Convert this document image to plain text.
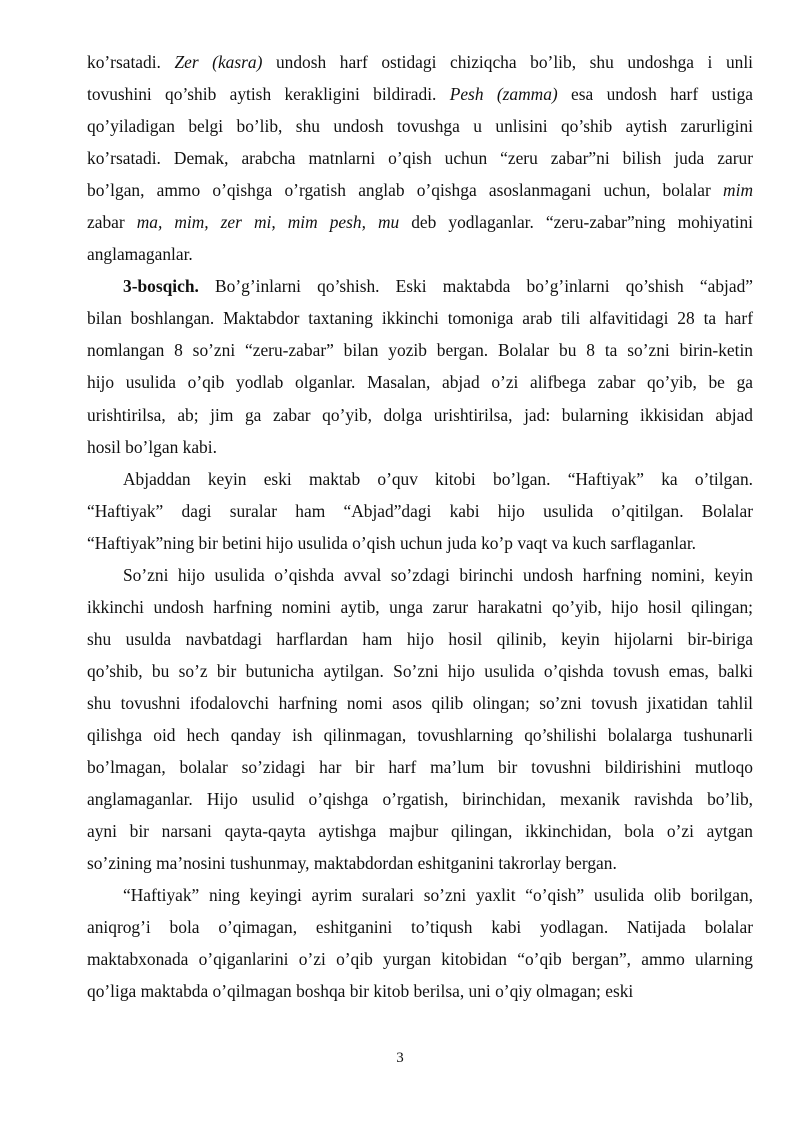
ko’rsatadi. Zer (kasra) undosh harf ostidagi chiziqcha bo’lib, shu undoshga i unli
tovushini qo’shib aytish kerakligini bildiradi. Pesh (zamma) esa undosh harf ustiga
qo’yiladigan belgi bo’lib, shu undosh tovushga u unlisini qo’shib aytish zarurligini
ko’rsatadi. Demak, arabcha matnlarni o’qish uchun “zeru zabar”ni bilish juda zarur
bo’lgan, ammo o’qishga o’rgatish anglab o’qishga asoslanmagani uchun, bolalar mim
zabar ma, mim, zer mi, mim pesh, mu deb yodlaganlar. “zeru-zabar”ning mohiyatini
anglamaganlar.

3-bosqich. Bo’g’inlarni qo’shish. Eski maktabda bo’g’inlarni qo’shish “abjad”
bilan boshlangan. Maktabdor taxtaning ikkinchi tomoniga arab tili alfavitidagi 28 ta harf
nomlangan 8 so’zni “zeru-zabar” bilan yozib bergan. Bolalar bu 8 ta so’zni birin-ketin
hijo usulida o’qib yodlab olganlar. Masalan, abjad o’zi alifbega zabar qo’yib, be ga
urishtirilsa, ab; jim ga zabar qo’yib, dolga urishtirilsa, jad: bularning ikkisidan abjad
hosil bo’lgan kabi.

Abjaddan keyin eski maktab o’quv kitobi bo’lgan. “Haftiyak” ka o’tilgan.
“Haftiyak” dagi suralar ham “Abjad”dagi kabi hijo usulida o’qitilgan. Bolalar
“Haftiyak”ning bir betini hijo usulida o’qish uchun juda ko’p vaqt va kuch sarflaganlar.

So’zni hijo usulida o’qishda avval so’zdagi birinchi undosh harfning nomini, keyin
ikkinchi undosh harfning nomini aytib, unga zarur harakatni qo’yib, hijo hosil qilingan;
shu usulda navbatdagi harflardan ham hijo hosil qilinib, keyin hijolarni bir-biriga
qo’shib, bu so’z bir butunicha aytilgan. So’zni hijo usulida o’qishda tovush emas, balki
shu tovushni ifodalovchi harfning nomi asos qilib olingan; so’zni tovush jixatidan tahlil
qilishga oid hech qanday ish qilinmagan, tovushlarning qo’shilishi bolalarga tushunarli
bo’lmagan, bolalar so’zidagi har bir harf ma’lum bir tovushni bildirishini mutloqo
anglamaganlar. Hijo usulid o’qishga o’rgatish, birinchidan, mexanik ravishda bo’lib,
ayni bir narsani qayta-qayta aytishga majbur qilingan, ikkinchidan, bola o’zi aytgan
so’zining ma’nosini tushunmay, maktabdordan eshitganini takrorlay bergan.

“Haftiyak” ning keyingi ayrim suralari so’zni yaxlit “o’qish” usulida olib borilgan,
aniqrog’i bola o’qimagan, eshitganini to’tiqush kabi yodlagan. Natijada bolalar
maktabxonada o’qiganlarini o’zi o’qib yurgan kitobidan “o’qib bergan”, ammo ularning
qo’liga maktabda o’qilmagan boshqa bir kitob berilsa, uni o’qiy olmagan; eski

3
